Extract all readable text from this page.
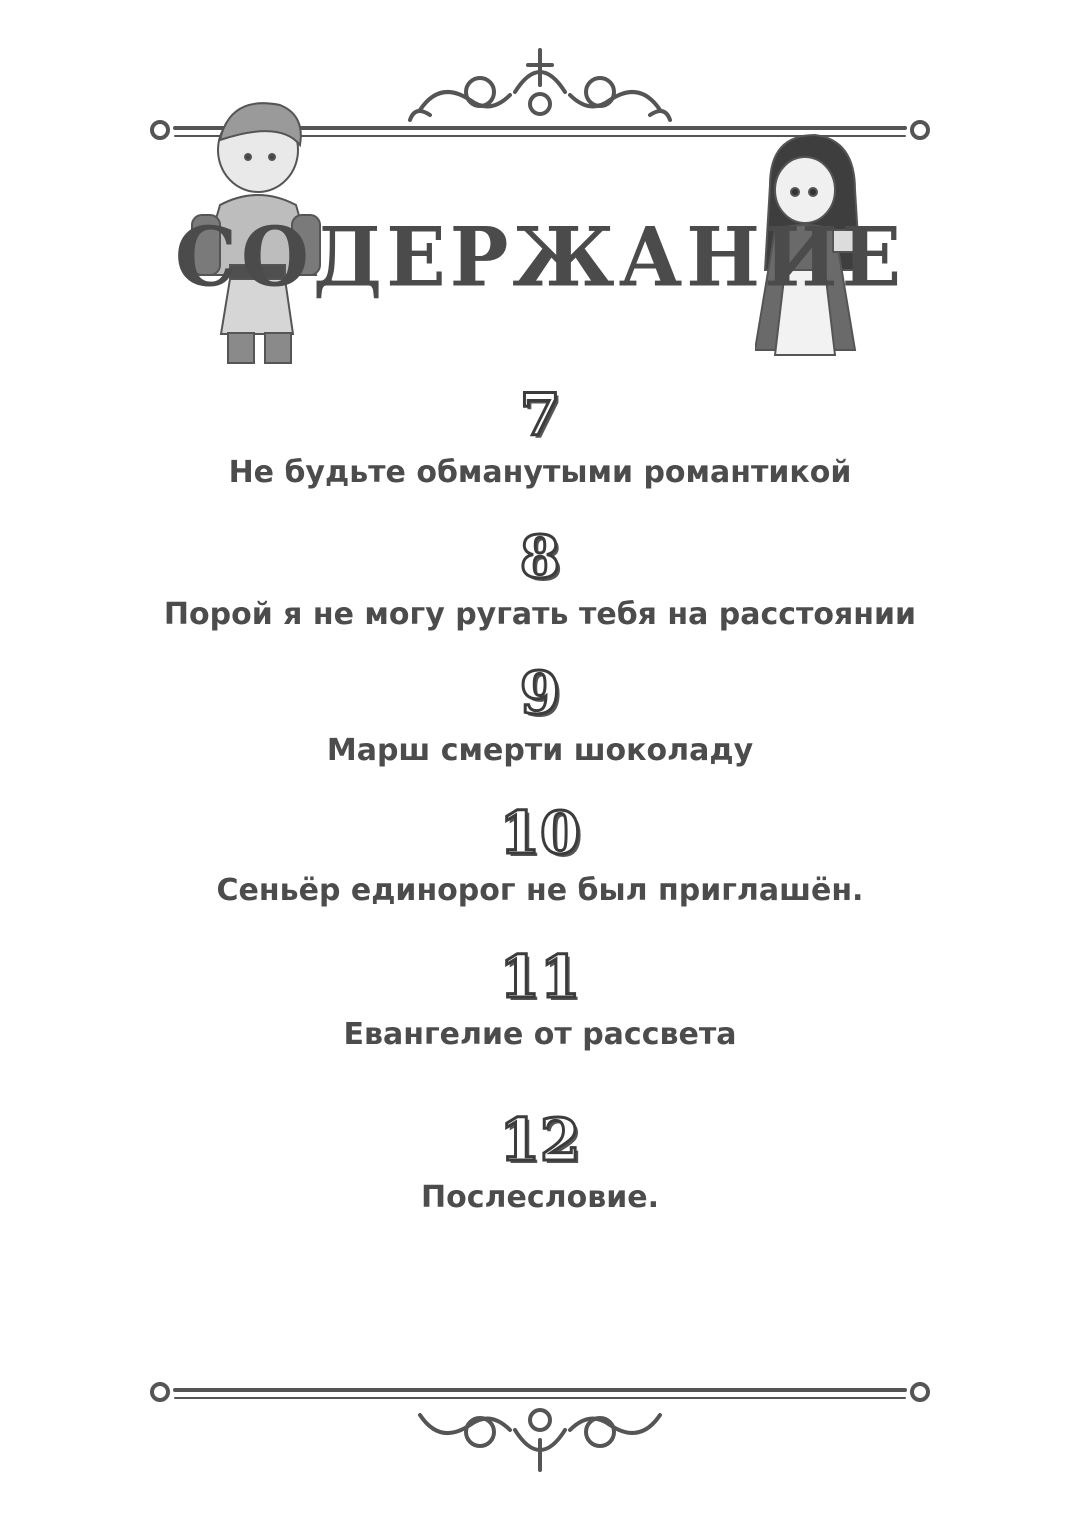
СОДЕРЖАНИЕ
7
Не будьте обманутыми романтикой
8
Порой я не могу ругать тебя на расстоянии
9
Марш смерти шоколаду
10
Сеньёр единорог не был приглашён.
11
Евангелие от рассвета
12
Послесловие.
